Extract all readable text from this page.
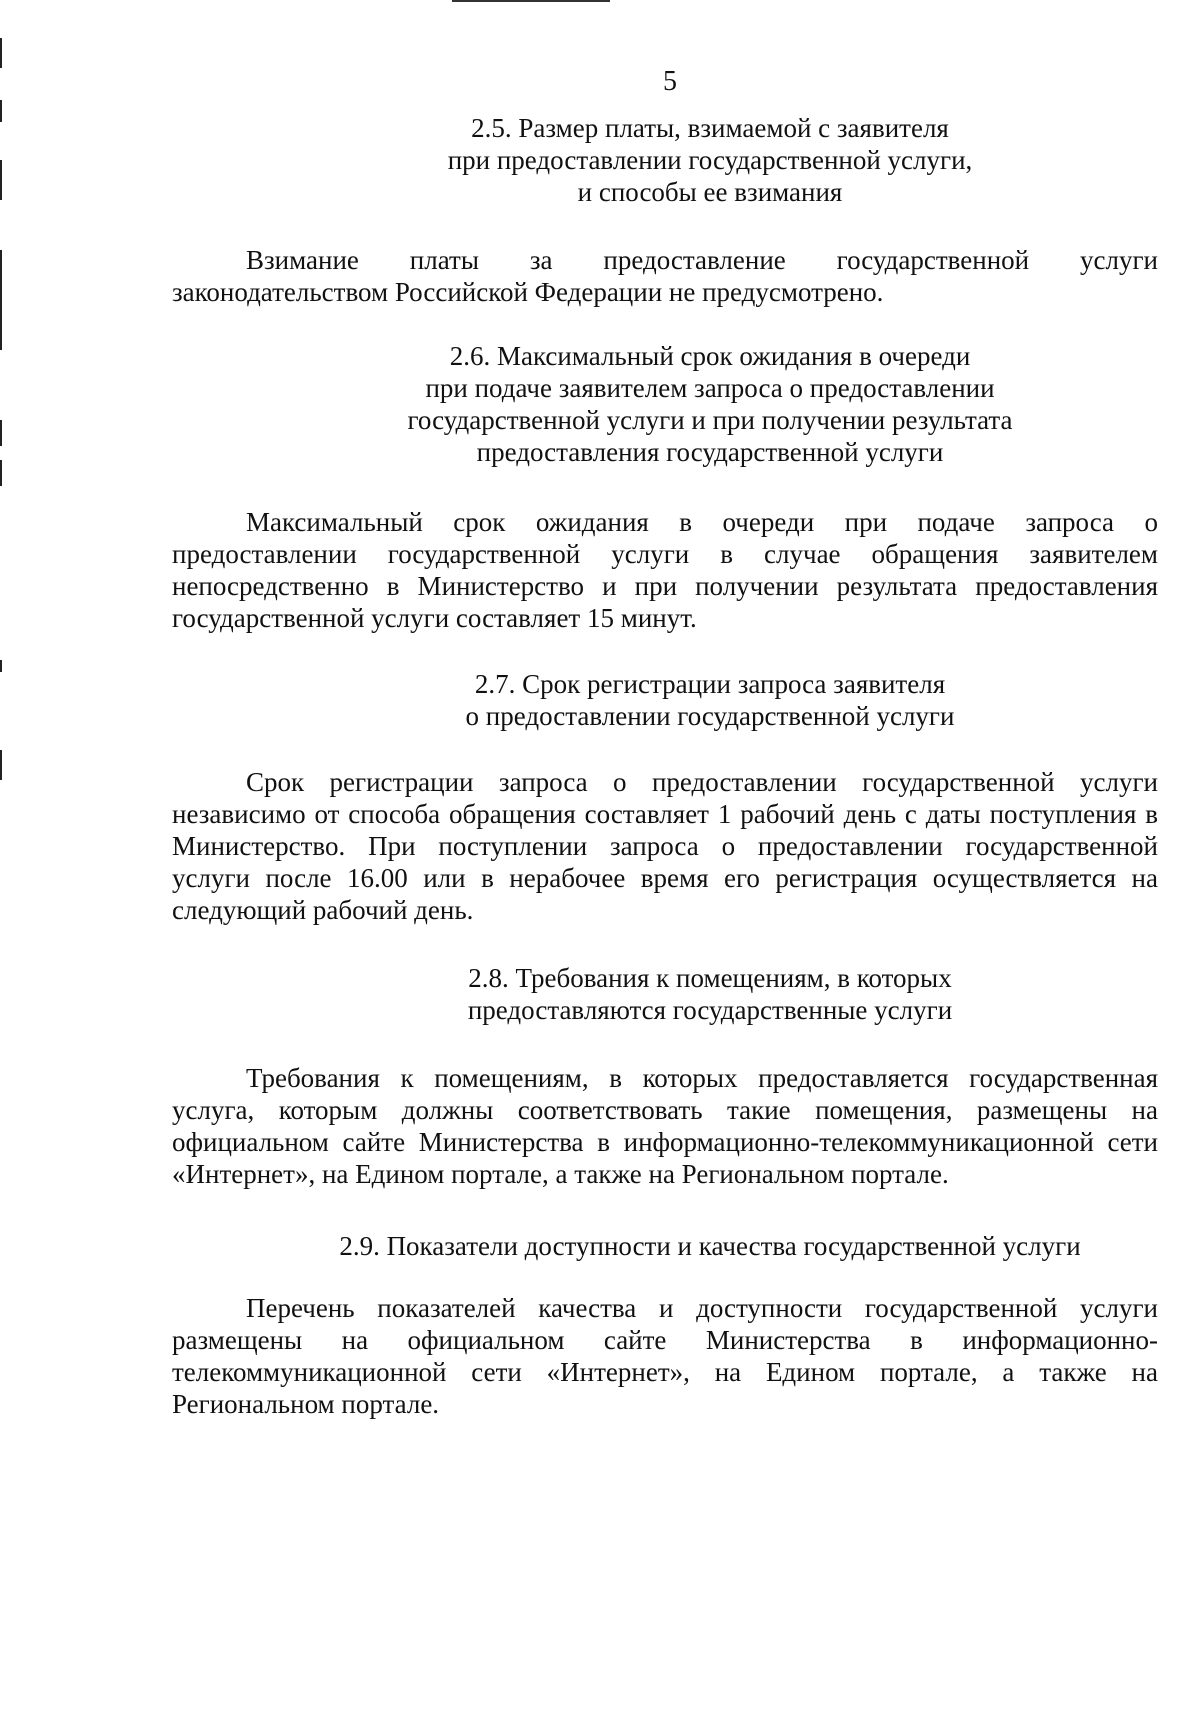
5
2.5. Размер платы, взимаемой с заявителя
при предоставлении государственной услуги,
и способы ее взимания

Взимание платы за предоставление государственной услуги
законодательством Российской Федерации не предусмотрено.

2.6. Максимальный срок ожидания в очереди
при подаче заявителем запроса о предоставлении
государственной услуги и при получении результата
предоставления государственной услуги

Максимальный срок ожидания в очереди при подаче запроса о
предоставлении государственной услуги в случае обращения заявителем
непосредственно в Министерство и при получении результата предоставления
государственной услуги составляет 15 минут.

2.7. Срок регистрации запроса заявителя
о предоставлении государственной услуги

Срок регистрации запроса о предоставлении государственной услуги
независимо от способа обращения составляет 1 рабочий день с даты поступления в
Министерство. При поступлении запроса о предоставлении государственной
услуги после 16.00 или в нерабочее время его регистрация осуществляется на
следующий рабочий день.

2.8. Требования к помещениям, в которых
предоставляются государственные услуги

Требования к помещениям, в которых предоставляется государственная
услуга, которым должны соответствовать такие помещения, размещены на
официальном сайте Министерства в информационно-телекоммуникационной сети
«Интернет», на Едином портале, а также на Региональном портале.

2.9. Показатели доступности и качества государственной услуги

Перечень показателей качества и доступности государственной услуги
размещены на официальном сайте Министерства в информационно-
телекоммуникационной сети «Интернет», на Едином портале, а также на
Региональном портале.
